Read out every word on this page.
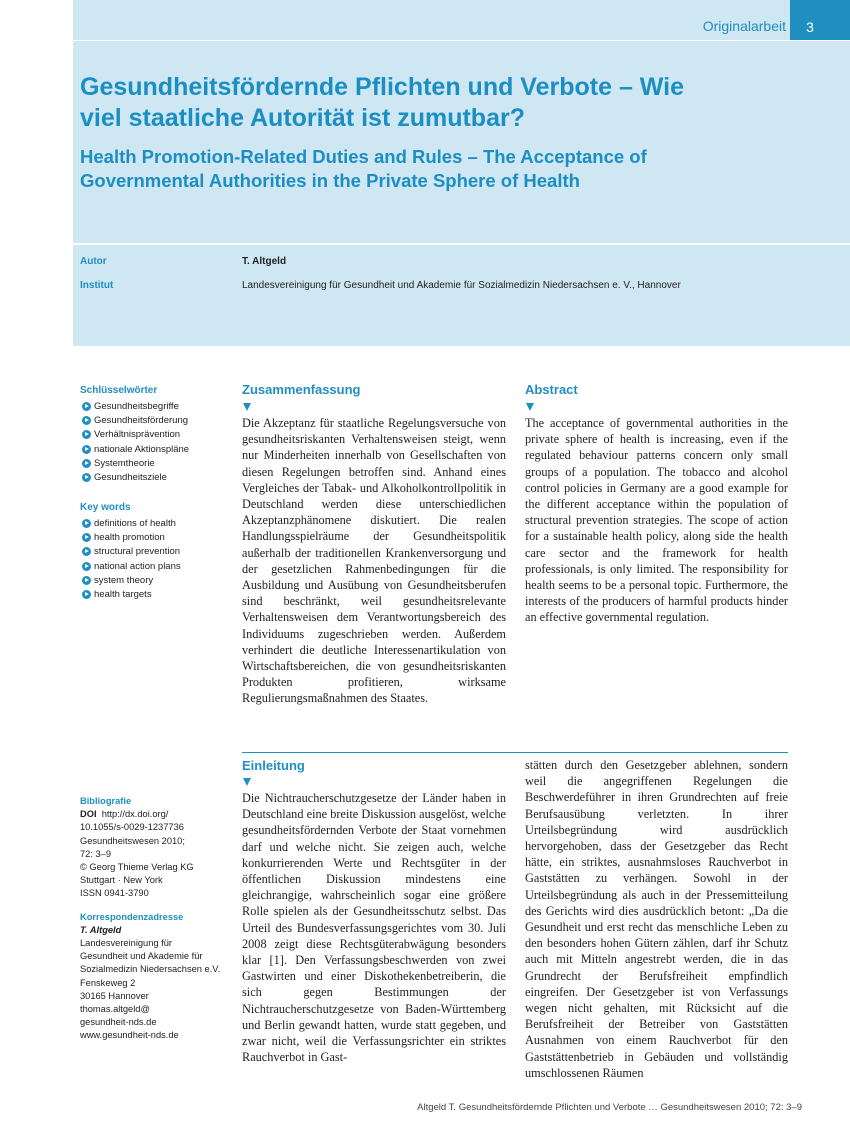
Originalarbeit	3
Gesundheitsfördernde Pflichten und Verbote – Wie viel staatliche Autorität ist zumutbar?
Health Promotion-Related Duties and Rules – The Acceptance of Governmental Authorities in the Private Sphere of Health
Autor	T. Altgeld
Institut	Landesvereinigung für Gesundheit und Akademie für Sozialmedizin Niedersachsen e. V., Hannover
Schlüsselwörter
Gesundheitsbegriffe
Gesundheitsförderung
Verhältnisprävention
nationale Aktionspläne
Systemtheorie
Gesundheitsziele
Key words
definitions of health
health promotion
structural prevention
national action plans
system theory
health targets
Zusammenfassung

Die Akzeptanz für staatliche Regelungsversuche von gesundheitsriskanten Verhaltensweisen steigt, wenn nur Minderheiten innerhalb von Gesellschaften von diesen Regelungen betroffen sind. Anhand eines Vergleiches der Tabak- und Alkoholkontrollpolitik in Deutschland werden diese unterschiedlichen Akzeptanzphänomene diskutiert. Die realen Handlungsspielräume der Gesundheitspolitik außerhalb der traditionellen Krankenversorgung und der gesetzlichen Rahmenbedingungen für die Ausbildung und Ausübung von Gesundheitsberufen sind beschränkt, weil gesundheitsrelevante Verhaltensweisen dem Verantwortungsbereich des Individuums zugeschrieben werden. Außerdem verhindert die deutliche Interessenartikulation von Wirtschaftsbereichen, die von gesundheitsriskanten Produkten profitieren, wirksame Regulierungsmaßnahmen des Staates.

Abstract

The acceptance of governmental authorities in the private sphere of health is increasing, even if the regulated behaviour patterns concern only small groups of a population. The tobacco and alcohol control policies in Germany are a good example for the different acceptance within the population of structural prevention strategies. The scope of action for a sustainable health policy, along side the health care sector and the framework for health professionals, is only limited. The responsibility for health seems to be a personal topic. Furthermore, the interests of the producers of harmful products hinder an effective governmental regulation.

Einleitung

Die Nichtraucherschutzgesetze der Länder haben in Deutschland eine breite Diskussion ausgelöst, welche gesundheitsfördernden Verbote der Staat vornehmen darf und welche nicht. Sie zeigen auch, welche konkurrierenden Werte und Rechtsgüter in der öffentlichen Diskussion mindestens eine gleichrangige, wahrscheinlich sogar eine größere Rolle spielen als der Gesundheitsschutz selbst. Das Urteil des Bundesverfassungsgerichtes vom 30. Juli 2008 zeigt diese Rechtsgüterabwägung besonders klar [1]. Den Verfassungsbeschwerden von zwei Gastwirten und einer Diskothekenbetreiberin, die sich gegen Bestimmungen der Nichtraucherschutzgesetze von Baden-Württemberg und Berlin gewandt hatten, wurde statt gegeben, und zwar nicht, weil die Verfassungsrichter ein striktes Rauchverbot in Gast-

stätten durch den Gesetzgeber ablehnen, sondern weil die angegriffenen Regelungen die Beschwerdeführer in ihren Grundrechten auf freie Berufsausübung verletzten. In ihrer Urteilsbegründung wird ausdrücklich hervorgehoben, dass der Gesetzgeber das Recht hätte, ein striktes, ausnahmsloses Rauchverbot in Gaststätten zu verhängen. Sowohl in der Urteilsbegründung als auch in der Pressemitteilung des Gerichts wird dies ausdrücklich betont: „Da die Gesundheit und erst recht das menschliche Leben zu den besonders hohen Gütern zählen, darf ihr Schutz auch mit Mitteln angestrebt werden, die in das Grundrecht der Berufsfreiheit empfindlich eingreifen. Der Gesetzgeber ist von Verfassungs wegen nicht gehalten, mit Rücksicht auf die Berufsfreiheit der Betreiber von Gaststätten Ausnahmen von einem Rauchverbot für den Gaststättenbetrieb in Gebäuden und vollständig umschlossenen Räumen

Bibliografie
DOI http://dx.doi.org/
10.1055/s-0029-1237736
Gesundheitswesen 2010;
72: 3–9
© Georg Thieme Verlag KG
Stuttgart · New York
ISSN 0941-3790
Korrespondenzadresse
T. Altgeld
Landesvereinigung für
Gesundheit und Akademie für
Sozialmedizin Niedersachsen e.V.
Fenskeweg 2
30165 Hannover
thomas.altgeld@
gesundheit-nds.de
www.gesundheit-nds.de
Altgeld T. Gesundheitsfördernde Pflichten und Verbote … Gesundheitswesen 2010; 72: 3–9
